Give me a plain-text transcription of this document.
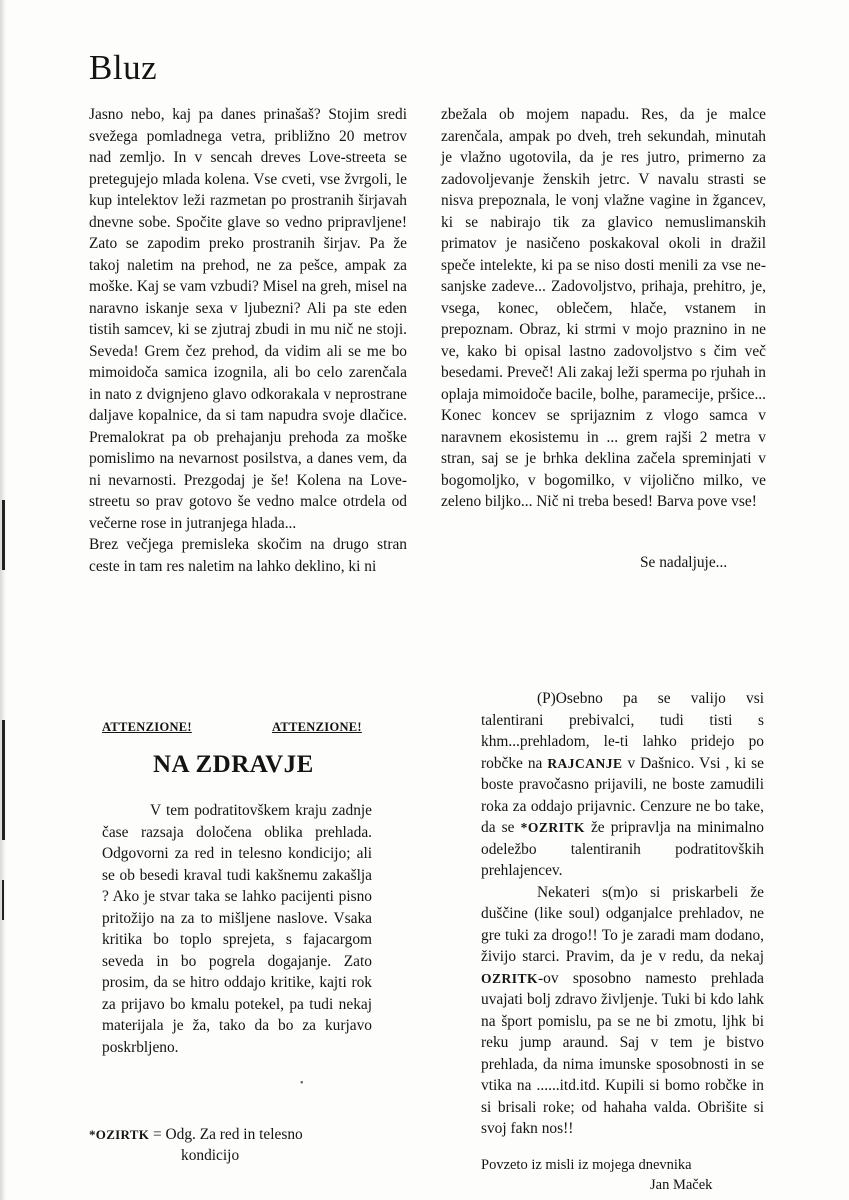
Bluz

Jasno nebo, kaj pa danes prinašaš? Stojim sredi svežega pomladnega vetra, približno 20 metrov nad zemljo. In v sencah dreves Love-streeta se pretegujejo mlada kolena. Vse cveti, vse žvrgoli, le kup intelektov leži razmetan po prostranih širjavah dnevne sobe. Spočite glave so vedno pripravljene! Zato se zapodim preko prostranih širjav. Pa že takoj naletim na prehod, ne za pešce, ampak za moške. Kaj se vam vzbudi? Misel na greh, misel na naravno iskanje sexa v ljubezni? Ali pa ste eden tistih samcev, ki se zjutraj zbudi in mu nič ne stoji. Seveda! Grem čez prehod, da vidim ali se me bo mimoidoča samica izognila, ali bo celo zarenčala in nato z dvignjeno glavo odkorakala v neprostrane daljave kopalnice, da si tam napudra svoje dlačice. Premalokrat pa ob prehajanju prehoda za moške pomislimo na nevarnost posilstva, a danes vem, da ni nevarnosti. Prezgodaj je še! Kolena na Love-streetu so prav gotovo še vedno malce otrdela od večerne rose in jutranjega hlada...

Brez večjega premisleka skočim na drugo stran ceste in tam res naletim na lahko deklino, ki ni

zbežala ob mojem napadu. Res, da je malce zarenčala, ampak po dveh, treh sekundah, minutah je vlažno ugotovila, da je res jutro, primerno za zadovoljevanje ženskih jetrc. V navalu strasti se nisva prepoznala, le vonj vlažne vagine in žgancev, ki se nabirajo tik za glavico nemuslimanskih primatov je nasičeno poskakoval okoli in dražil speče intelekte, ki pa se niso dosti menili za vse ne-sanjske zadeve... Zadovoljstvo, prihaja, prehitro, je, vsega, konec, oblečem, hlače, vstanem in prepoznam. Obraz, ki strmi v mojo praznino in ne ve, kako bi opisal lastno zadovoljstvo s čim več besedami. Preveč! Ali zakaj leži sperma po rjuhah in oplaja mimoidoče bacile, bolhe, paramecije, pršice... Konec koncev se sprijaznim z vlogo samca v naravnem ekosistemu in ... grem rajši 2 metra v stran, saj se je brhka deklina začela spreminjati v bogomoljko, v bogomilko, v vijolično milko, ve zeleno biljko... Nič ni treba besed! Barva pove vse!

Se nadaljuje...
ATTENZIONE!	ATTENZIONE!
NA ZDRAVJE

V tem podratitovškem kraju zadnje čase razsaja določena oblika prehlada. Odgovorni za red in telesno kondicijo; ali se ob besedi kraval tudi kakšnemu zakašlja ? Ako je stvar taka se lahko pacijenti pisno pritožijo na za to mišljene naslove. Vsaka kritika bo toplo sprejeta, s fajacargom seveda in bo pogrela dogajanje. Zato prosim, da se hitro oddajo kritike, kajti rok za prijavo bo kmalu potekel, pa tudi nekaj materijala je ža, tako da bo za kurjavo poskrbljeno.

•
*OZIRTK = Odg. Za red in telesno
kondicijo

(P)Osebno pa se valijo vsi talentirani prebivalci, tudi tisti s khm...prehladom, le-ti lahko pridejo po robčke na RAJCANJE v Dašnico. Vsi , ki se boste pravočasno prijavili, ne boste zamudili roka za oddajo prijavnic. Cenzure ne bo take, da se *OZRITK že pripravlja na minimalno odeležbo talentiranih podratitovških prehlajencev.

Nekateri s(m)o si priskarbeli že duščine (like soul) odganjalce prehladov, ne gre tuki za drogo!! To je zaradi mam dodano, živijo starci. Pravim, da je v redu, da nekaj OZRITK-ov sposobno namesto prehlada uvajati bolj zdravo življenje. Tuki bi kdo lahk na šport pomislu, pa se ne bi zmotu, ljhk bi reku jump araund. Saj v tem je bistvo prehlada, da nima imunske sposobnosti in se vtika na ......itd.itd. Kupili si bomo robčke in si brisali roke; od hahaha valda. Obrišite si svoj fakn nos!!

Povzeto iz misli iz mojega dnevnika
Jan Maček
